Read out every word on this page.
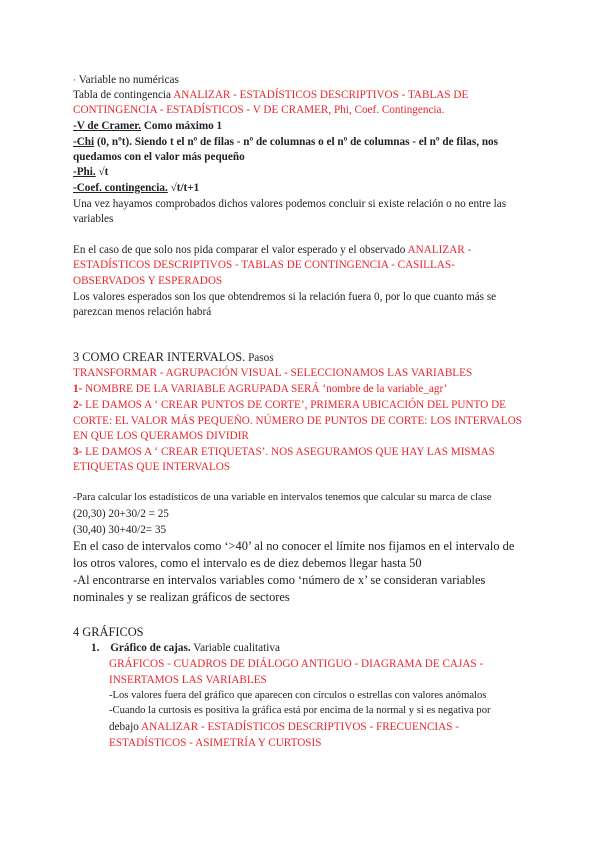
· Variable no numéricas
Tabla de contingencia ANALIZAR - ESTADÍSTICOS DESCRIPTIVOS - TABLAS DE
CONTINGENCIA - ESTADÍSTICOS - V DE CRAMER, Phi, Coef. Contingencia.
-V de Cramer. Como máximo 1
-Chi (0, nºt). Siendo t el nº de filas - nº de columnas o el nº de columnas - el nº de filas, nos
quedamos con el valor más pequeño
-Phi. √t
-Coef. contingencia. √t/t+1
Una vez hayamos comprobados dichos valores podemos concluir si existe relación o no entre las
variables
En el caso de que solo nos pida comparar el valor esperado y el observado ANALIZAR -
ESTADÍSTICOS DESCRIPTIVOS - TABLAS DE CONTINGENCIA - CASILLAS-
OBSERVADOS Y ESPERADOS
Los valores esperados son los que obtendremos si la relación fuera 0, por lo que cuanto más se
parezcan menos relación habrá
3 COMO CREAR INTERVALOS. Pasos
TRANSFORMAR - AGRUPACIÓN VISUAL - SELECCIONAMOS LAS VARIABLES
1- NOMBRE DE LA VARIABLE AGRUPADA SERÁ ‘nombre de la variable_agr’
2- LE DAMOS A ‘ CREAR PUNTOS DE CORTE’, PRIMERA UBICACIÓN DEL PUNTO DE
CORTE: EL VALOR MÁS PEQUEÑO. NÚMERO DE PUNTOS DE CORTE: LOS INTERVALOS
EN QUE LOS QUERAMOS DIVIDIR
3- LE DAMOS A ‘ CREAR ETIQUETAS’. NOS ASEGURAMOS QUE HAY LAS MISMAS
ETIQUETAS QUE INTERVALOS
-Para calcular los estadísticos de una variable en intervalos tenemos que calcular su marca de clase
(20,30) 20+30/2 = 25
(30,40) 30+40/2= 35
En el caso de intervalos como ‘>40’ al no conocer el límite nos fijamos en el intervalo de
los otros valores, como el intervalo es de diez debemos llegar hasta 50
-Al encontrarse en intervalos variables como ‘número de x’ se consideran variables
nominales y se realizan gráficos de sectores
4 GRÁFICOS
1. Gráfico de cajas. Variable cualitativa
GRÁFICOS - CUADROS DE DIÁLOGO ANTIGUO - DIAGRAMA DE CAJAS -
INSERTAMOS LAS VARIABLES
-Los valores fuera del gráfico que aparecen con círculos o estrellas con valores anómalos
-Cuando la curtosis es positiva la gráfica está por encima de la normal y si es negativa por
debajo ANALIZAR - ESTADÍSTICOS DESCRIPTIVOS - FRECUENCIAS -
ESTADÍSTICOS - ASIMETRÍA Y CURTOSIS
